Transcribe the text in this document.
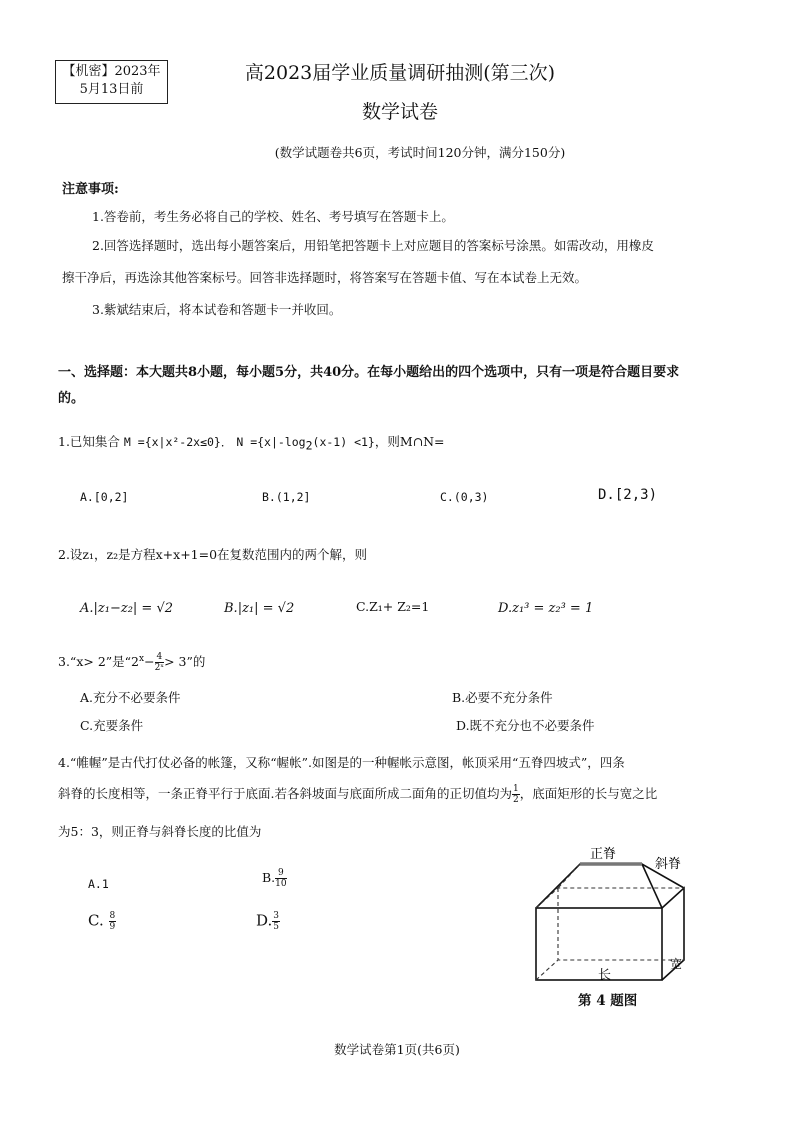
【机密】2023年
5月13日前
高2023届学业质量调研抽测(第三次)
数学试卷
(数学试题卷共6页，考试时间120分钟，满分150分)
注意事项:
1.答卷前，考生务必将自己的学校、姓名、考号填写在答题卡上。
2.回答选择题时，选出每小题答案后，用铅笔把答题卡上对应题目的答案标号涂黑。如需改动，用橡皮
擦干净后，再选涂其他答案标号。回答非选择题时，将答案写在答题卡值、写在本试卷上无效。
3.紫斌结束后，将本试卷和答题卡一并收回。
一、选择题：本大题共8小题，每小题5分，共40分。在每小题给出的四个选项中，只有一项是符合题目要求
的。
1.已知集合 M ={x|x²-2x≤0}． $N =\{x|-\log_2(x-1) <1\}$，则M∩N=
A.[0,2]	B.(1,2]	C.(0,3)	D.[2,3)
2.设z₁，z₂是方程x+x+1=0在复数范围内的两个解，则
A.|z₁−z₂| = √2	B.|z₁| = √2	C.Z₁+ Z₂=1	D.z₁³ = z₂³ = 1
3.“x> 2”是“$2^x- \frac{4}{\text{2ˣ}} > 3$”的
A.充分不必要条件	B.必要不充分条件
C.充要条件	D.既不充分也不必要条件
4.“帷幄”是古代打仗必备的帐篷，又称“幄帐”.如图是的一种幄帐示意图，帐顶采用“五脊四坡式”，四条
斜脊的长度相等，一条正脊平行于底面.若各斜坡面与底面所成二面角的正切值均为 $\frac{1}{2}$ ，底面矩形的长与宽之比
为5：3，则正脊与斜脊长度的比值为
A.1	B. $\frac{9}{10}$
C. $\frac{8}{9}$	D. $\frac{3}{5}$
正脊
斜脊
长
宽
第 4 题图
数学试卷第1页(共6页)
